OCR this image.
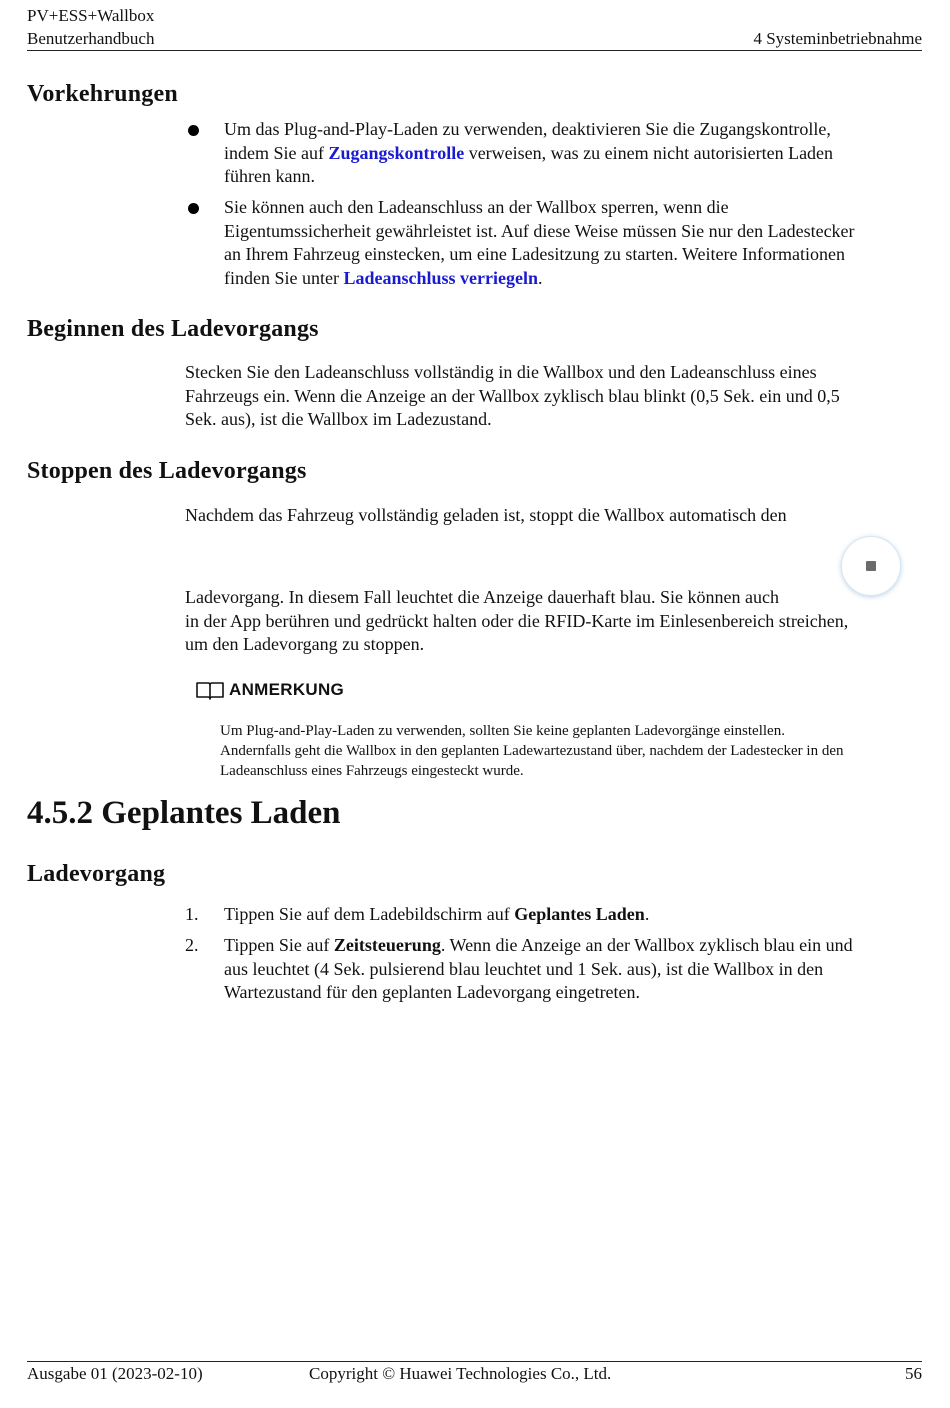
PV+ESS+Wallbox
Benutzerhandbuch	4 Systeminbetriebnahme
Vorkehrungen
Um das Plug-and-Play-Laden zu verwenden, deaktivieren Sie die Zugangskontrolle,
indem Sie auf Zugangskontrolle verweisen, was zu einem nicht autorisierten Laden
führen kann.
Sie können auch den Ladeanschluss an der Wallbox sperren, wenn die
Eigentumssicherheit gewährleistet ist. Auf diese Weise müssen Sie nur den Ladestecker
an Ihrem Fahrzeug einstecken, um eine Ladesitzung zu starten. Weitere Informationen
finden Sie unter Ladeanschluss verriegeln.
Beginnen des Ladevorgangs
Stecken Sie den Ladeanschluss vollständig in die Wallbox und den Ladeanschluss eines
Fahrzeugs ein. Wenn die Anzeige an der Wallbox zyklisch blau blinkt (0,5 Sek. ein und 0,5
Sek. aus), ist die Wallbox im Ladezustand.
Stoppen des Ladevorgangs
Nachdem das Fahrzeug vollständig geladen ist, stoppt die Wallbox automatisch den
Ladevorgang. In diesem Fall leuchtet die Anzeige dauerhaft blau. Sie können auch
in der App berühren und gedrückt halten oder die RFID-Karte im Einlesenbereich streichen,
um den Ladevorgang zu stoppen.
ANMERKUNG
Um Plug-and-Play-Laden zu verwenden, sollten Sie keine geplanten Ladevorgänge einstellen.
Andernfalls geht die Wallbox in den geplanten Ladewartezustand über, nachdem der Ladestecker in den
Ladeanschluss eines Fahrzeugs eingesteckt wurde.
4.5.2 Geplantes Laden
Ladevorgang
1. Tippen Sie auf dem Ladebildschirm auf Geplantes Laden.
2. Tippen Sie auf Zeitsteuerung. Wenn die Anzeige an der Wallbox zyklisch blau ein und
aus leuchtet (4 Sek. pulsierend blau leuchtet und 1 Sek. aus), ist die Wallbox in den
Wartezustand für den geplanten Ladevorgang eingetreten.
Ausgabe 01 (2023-02-10)	Copyright © Huawei Technologies Co., Ltd.	56
